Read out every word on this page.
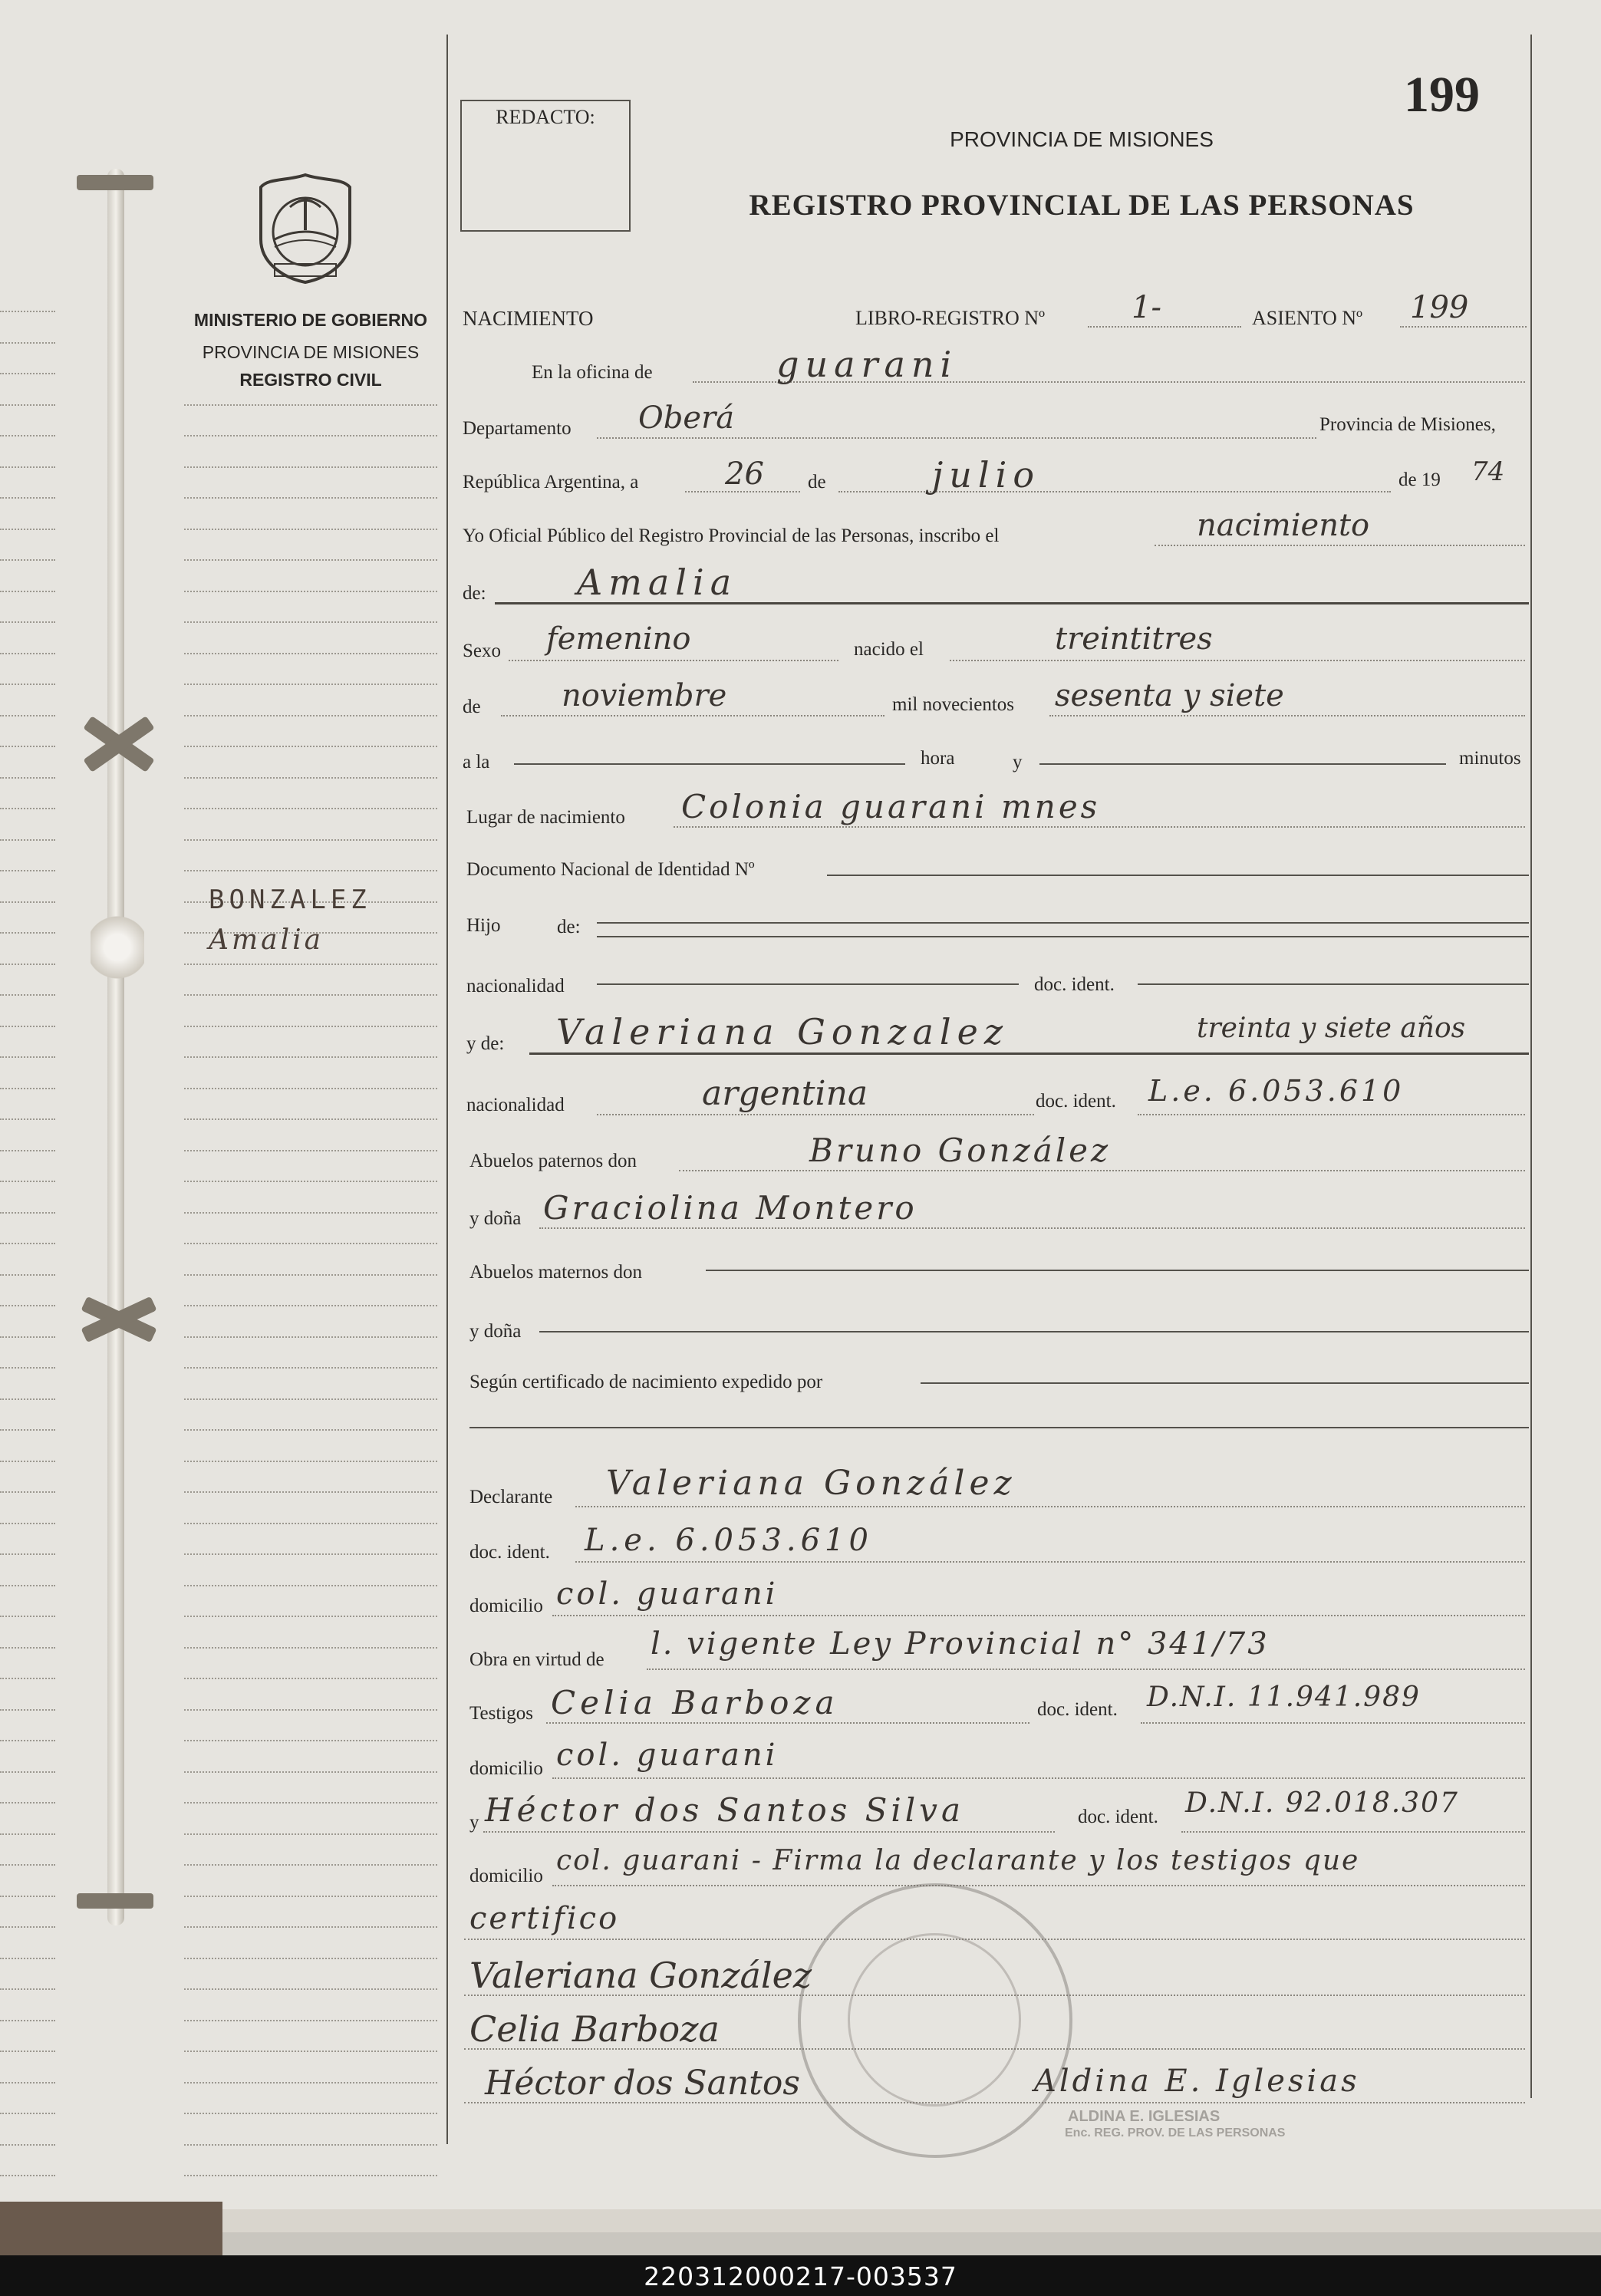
MINISTERIO DE GOBIERNO
PROVINCIA DE MISIONES
REGISTRO CIVIL
BONZALEZ
Amalia
REDACTO:	199
PROVINCIA DE MISIONES
REGISTRO PROVINCIAL DE LAS PERSONAS
NACIMIENTO	LIBRO-REGISTRO Nº	1-	ASIENTO Nº 199
En la oficina de	guarani
Departamento Oberá	Provincia de Misiones,
República Argentina, a	26 de	julio	de 19 74
Yo Oficial Público del Registro Provincial de las Personas, inscribo el	nacimiento
de:	Amalia
Sexo femenino	nacido el	treintitres
de	noviembre	mil novecientos sesenta y siete
a la	hora	y	minutos
Lugar de nacimiento Colonia guarani mnes
Documento Nacional de Identidad Nº
Hijo	de:
nacionalidad	doc. ident.
y de: Valeriana Gonzalez	treinta y siete años
nacionalidad	argentina	doc. ident. L.e. 6.053.610
Abuelos paternos don	Bruno González
y doña Graciolina Montero
Abuelos maternos don
y doña
Según certificado de nacimiento expedido por
Declarante Valeriana González
doc. ident. L.e. 6.053.610
domicilio col. guarani
Obra en virtud de l. vigente Ley Provincial n° 341/73
Testigos Celia Barboza	doc. ident. D.N.I. 11.941.989
domicilio col. guarani
y Héctor dos Santos Silva	doc. ident. D.N.I. 92.018.307
domicilio col. guarani - Firma la declarante y los testigos que
certifico
Valeriana González
Celia Barboza
Héctor dos Santos	Aldina E. Iglesias
ALDINA E. IGLESIAS
Enc. REG. PROV. DE LAS PERSONAS
220312000217-003537
